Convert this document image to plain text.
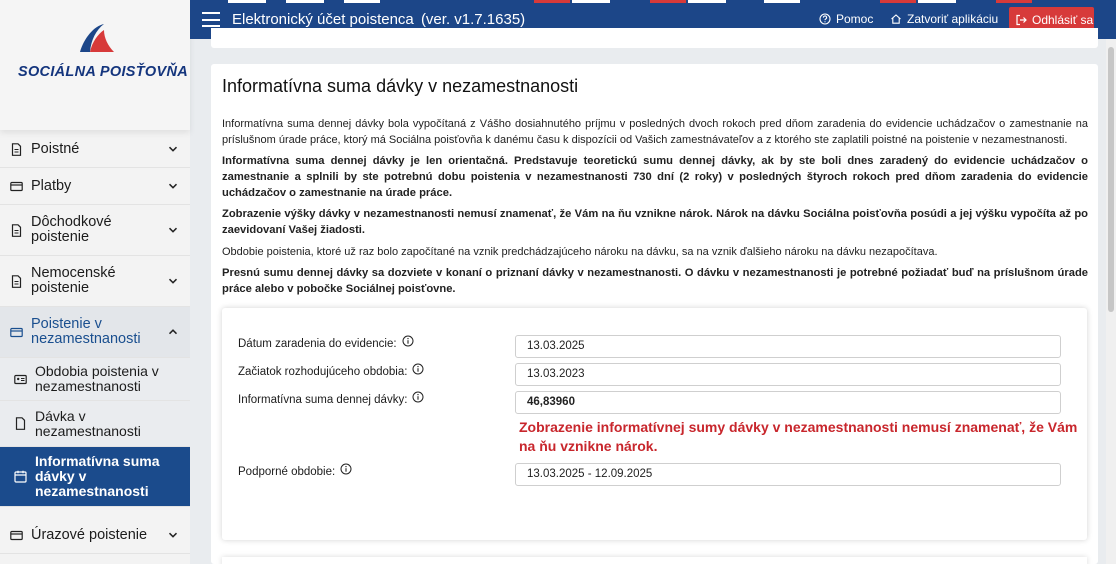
SOCIÁLNA POISŤOVŇA
Poistné
Platby
Dôchodkové poistenie
Nemocenské poistenie
Poistenie v nezamestnanosti
Obdobia poistenia v nezamestnanosti
Dávka v nezamestnanosti
Informatívna suma dávky v nezamestnanosti
Úrazové poistenie
Elektronický účet poistenca (ver. v1.7.1635)	Pomoc	Zatvoriť aplikáciu	Odhlásiť sa
Informatívna suma dávky v nezamestnanosti
Informatívna suma dennej dávky bola vypočítaná z Vášho dosiahnutého príjmu v posledných dvoch rokoch pred dňom zaradenia do evidencie uchádzačov o zamestnanie na príslušnom úrade práce, ktorý má Sociálna poisťovňa k danému času k dispozícii od Vašich zamestnávateľov a z ktorého ste zaplatili poistné na poistenie v nezamestnanosti.
Informatívna suma dennej dávky je len orientačná. Predstavuje teoretickú sumu dennej dávky, ak by ste boli dnes zaradený do evidencie uchádzačov o zamestnanie a splnili by ste potrebnú dobu poistenia v nezamestnanosti 730 dní (2 roky) v posledných štyroch rokoch pred dňom zaradenia do evidencie uchádzačov o zamestnanie na úrade práce.
Zobrazenie výšky dávky v nezamestnanosti nemusí znamenať, že Vám na ňu vznikne nárok. Nárok na dávku Sociálna poisťovňa posúdi a jej výšku vypočíta až po zaevidovaní Vašej žiadosti.
Obdobie poistenia, ktoré už raz bolo započítané na vznik predchádzajúceho nároku na dávku, sa na vznik ďalšieho nároku na dávku nezapočítava.
Presnú sumu dennej dávky sa dozviete v konaní o priznaní dávky v nezamestnanosti. O dávku v nezamestnanosti je potrebné požiadať buď na príslušnom úrade práce alebo v pobočke Sociálnej poisťovne.
Dátum zaradenia do evidencie:	13.03.2025
Začiatok rozhodujúceho obdobia:	13.03.2023
Informatívna suma dennej dávky:	46,83960
Zobrazenie informatívnej sumy dávky v nezamestnanosti nemusí znamenať, že Vám na ňu vznikne nárok.
Podporné obdobie:	13.03.2025 - 12.09.2025
